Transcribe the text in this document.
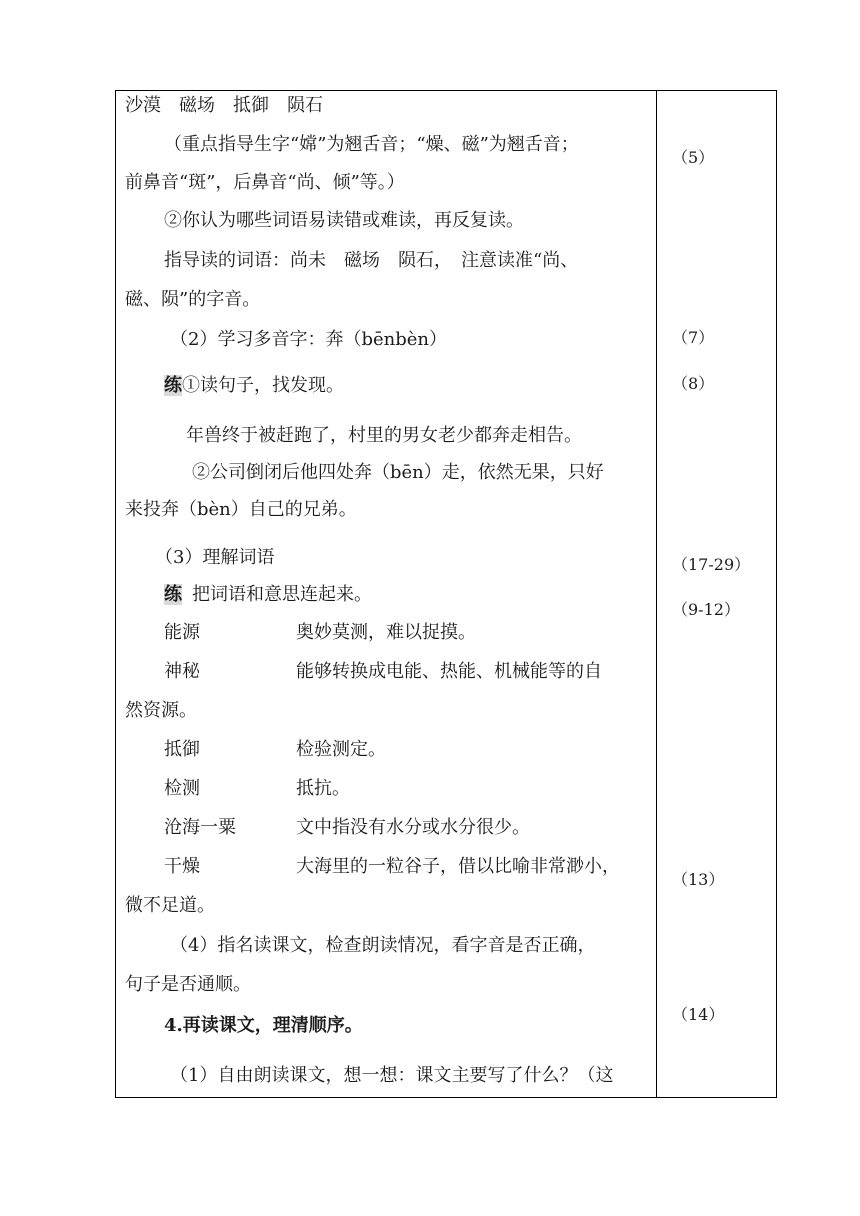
沙漠　磁场　抵御　陨石
（重点指导生字“嫦”为翘舌音；“燥、磁”为翘舌音；
前鼻音“斑”，后鼻音“尚、倾”等。）
②你认为哪些词语易读错或难读，再反复读。
指导读的词语：尚未　磁场　陨石，　注意读准“尚、
磁、陨”的字音。
（2）学习多音字：奔（bēnbèn）
练①读句子，找发现。
年兽终于被赶跑了，村里的男女老少都奔走相告。
②公司倒闭后他四处奔（bēn）走，依然无果，只好
来投奔（bèn）自己的兄弟。
（3）理解词语
练 把词语和意思连起来。
能源	奥妙莫测，难以捉摸。
神秘	能够转换成电能、热能、机械能等的自
然资源。
抵御	检验测定。
检测	抵抗。
沧海一粟	文中指没有水分或水分很少。
干燥	大海里的一粒谷子，借以比喻非常渺小，
微不足道。
（4）指名读课文，检查朗读情况，看字音是否正确，
句子是否通顺。
4.再读课文，理清顺序。
（1）自由朗读课文，想一想：课文主要写了什么？（这
（5）
（7）
（8）
（17-29）
（9-12）
（13）
（14）
